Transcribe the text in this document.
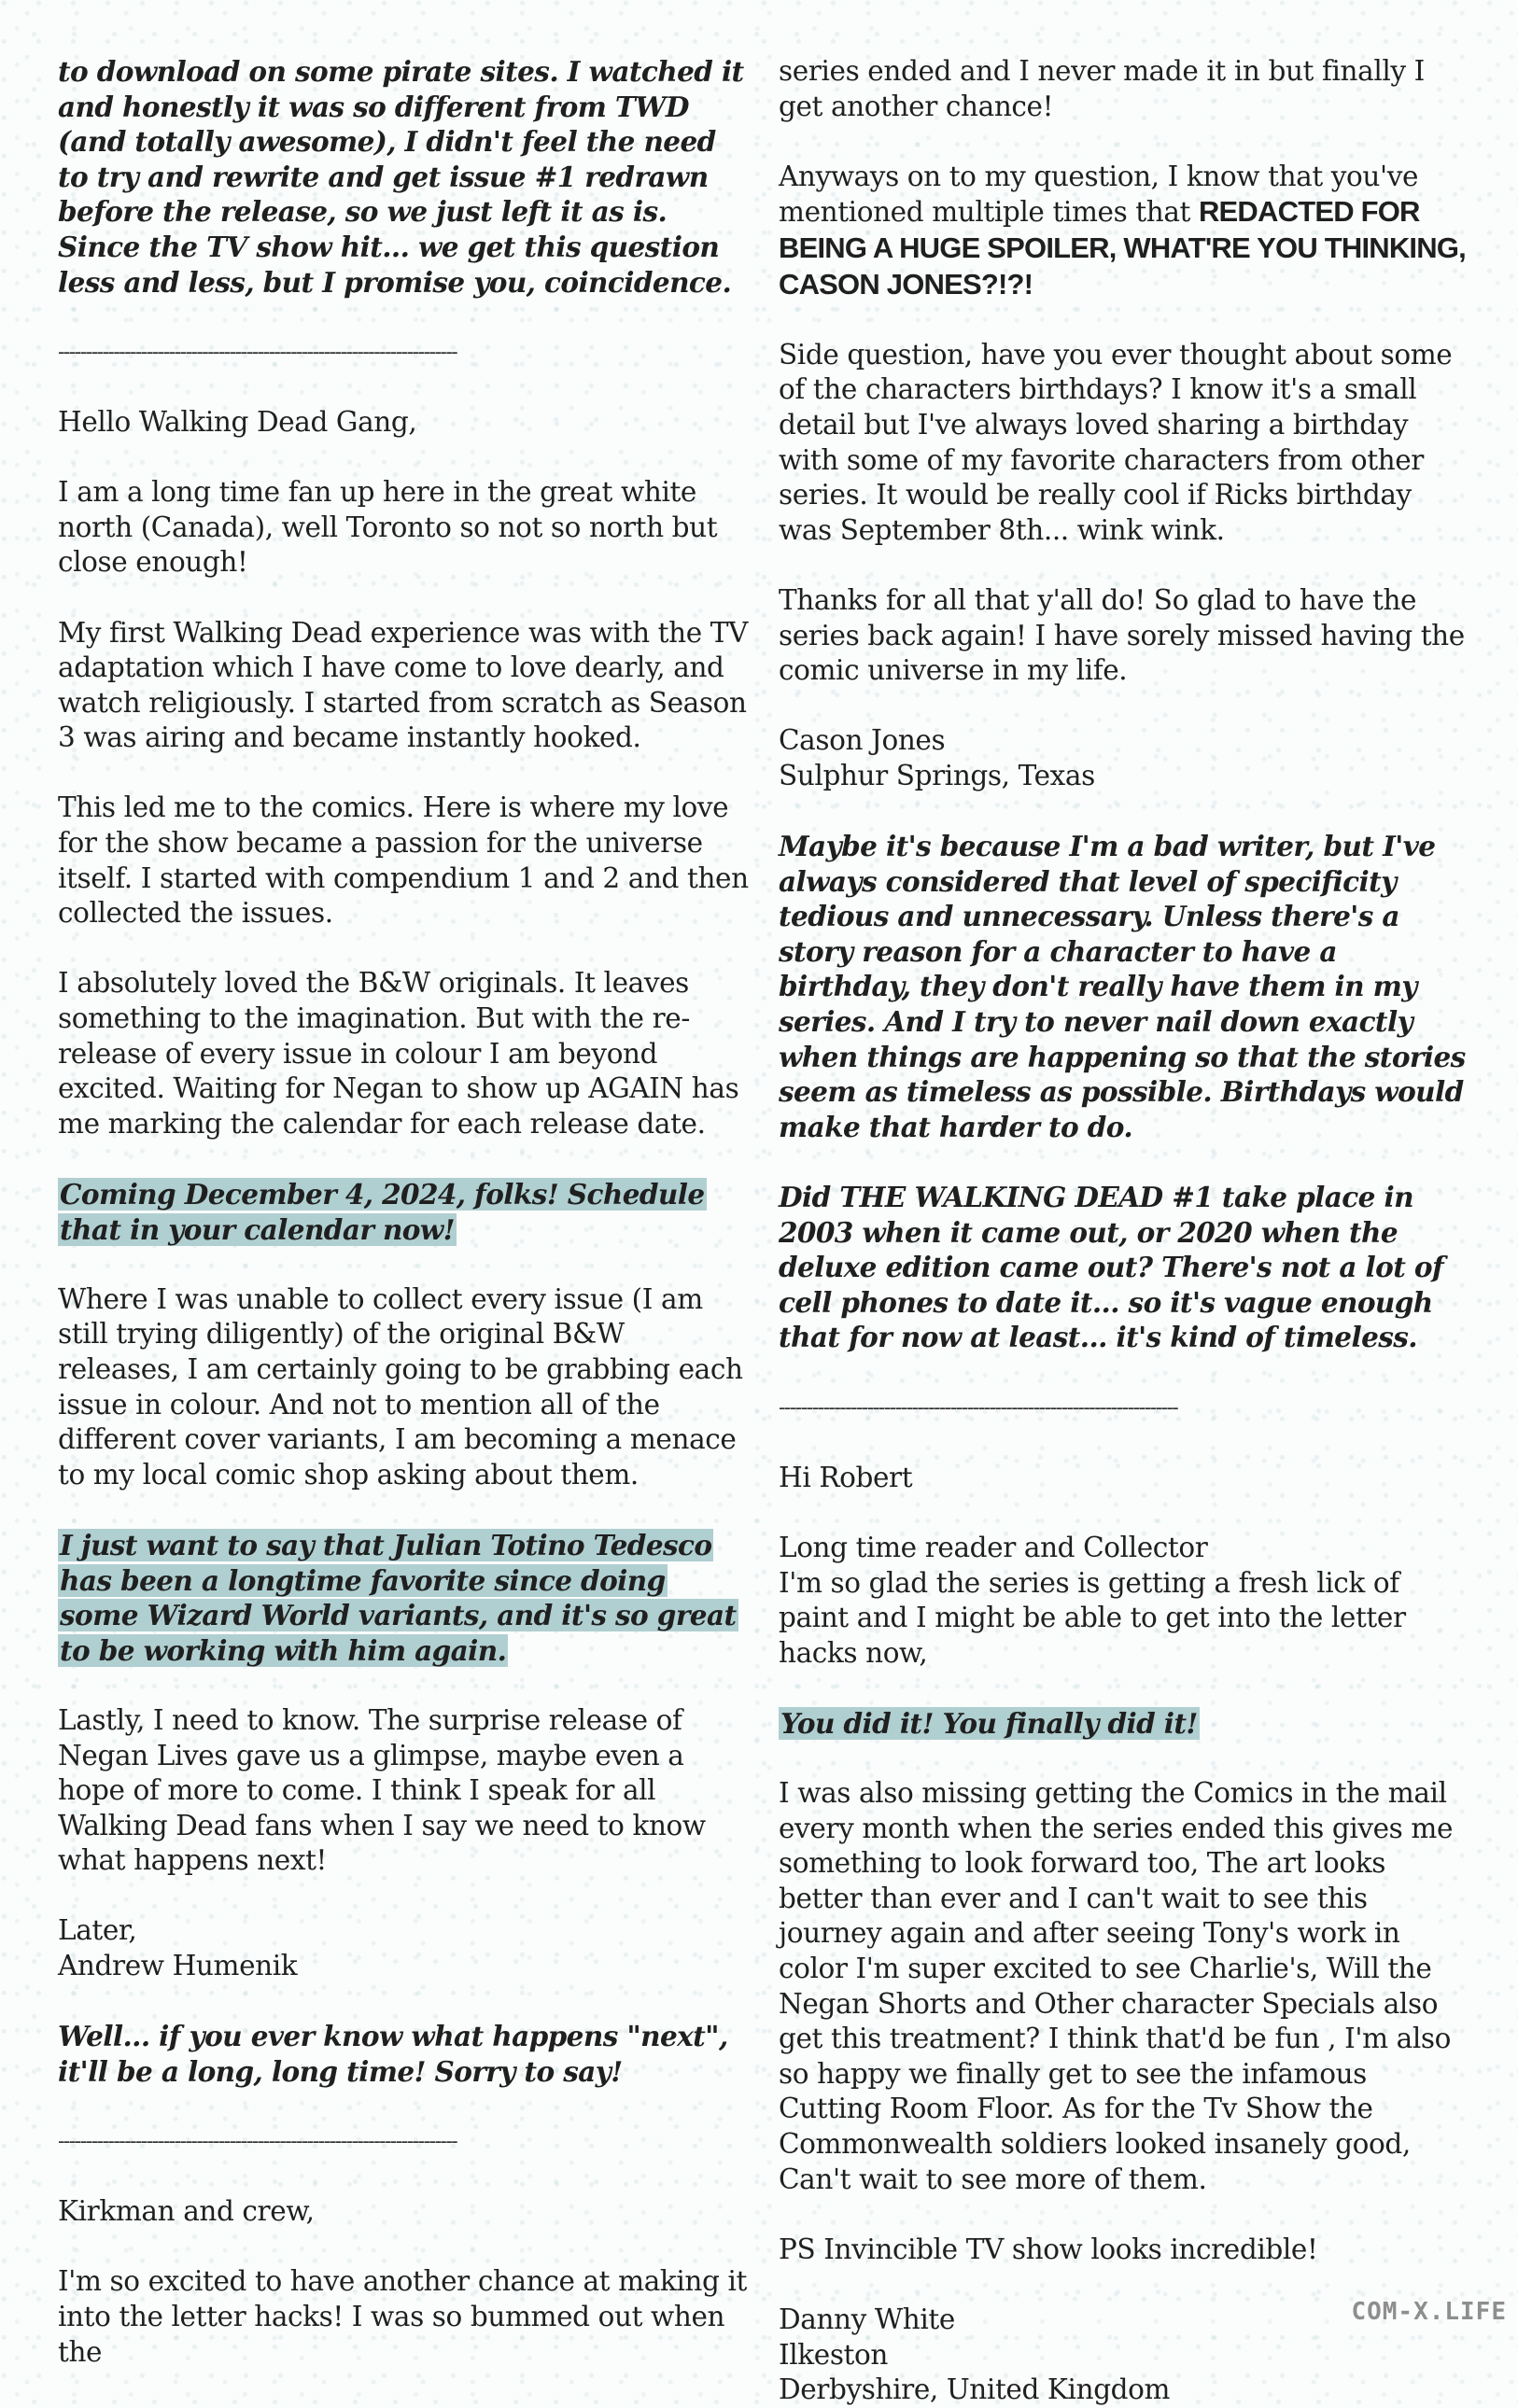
to download on some pirate sites. I watched it and honestly it was so different from TWD (and totally awesome), I didn't feel the need to try and rewrite and get issue #1 redrawn before the release, so we just left it as is. Since the TV show hit... we get this question less and less, but I promise you, coincidence.

------------------------------------------------------------------------

Hello Walking Dead Gang,

I am a long time fan up here in the great white north (Canada), well Toronto so not so north but close enough!

My first Walking Dead experience was with the TV adaptation which I have come to love dearly, and watch religiously. I started from scratch as Season 3 was airing and became instantly hooked.

This led me to the comics. Here is where my love for the show became a passion for the universe itself. I started with compendium 1 and 2 and then collected the issues.

I absolutely loved the B&W originals. It leaves something to the imagination. But with the re-release of every issue in colour I am beyond excited. Waiting for Negan to show up AGAIN has me marking the calendar for each release date.

Coming December 4, 2024, folks! Schedule that in your calendar now!

Where I was unable to collect every issue (I am still trying diligently) of the original B&W releases, I am certainly going to be grabbing each issue in colour. And not to mention all of the different cover variants, I am becoming a menace to my local comic shop asking about them.

I just want to say that Julian Totino Tedesco has been a longtime favorite since doing some Wizard World variants, and it's so great to be working with him again.

Lastly, I need to know. The surprise release of Negan Lives gave us a glimpse, maybe even a hope of more to come. I think I speak for all Walking Dead fans when I say we need to know what happens next!

Later,
Andrew Humenik

Well... if you ever know what happens "next", it'll be a long, long time! Sorry to say!

------------------------------------------------------------------------

Kirkman and crew,

I'm so excited to have another chance at making it into the letter hacks! I was so bummed out when the

series ended and I never made it in but finally I get another chance!

Anyways on to my question, I know that you've mentioned multiple times that REDACTED FOR BEING A HUGE SPOILER, WHAT'RE YOU THINKING, CASON JONES?!?!

Side question, have you ever thought about some of the characters birthdays? I know it's a small detail but I've always loved sharing a birthday with some of my favorite characters from other series. It would be really cool if Ricks birthday was September 8th... wink wink.

Thanks for all that y'all do! So glad to have the series back again! I have sorely missed having the comic universe in my life.

Cason Jones
Sulphur Springs, Texas

Maybe it's because I'm a bad writer, but I've always considered that level of specificity tedious and unnecessary. Unless there's a story reason for a character to have a birthday, they don't really have them in my series. And I try to never nail down exactly when things are happening so that the stories seem as timeless as possible. Birthdays would make that harder to do.

Did THE WALKING DEAD #1 take place in 2003 when it came out, or 2020 when the deluxe edition came out? There's not a lot of cell phones to date it... so it's vague enough that for now at least... it's kind of timeless.

------------------------------------------------------------------------

Hi Robert

Long time reader and Collector
I'm so glad the series is getting a fresh lick of paint and I might be able to get into the letter hacks now,

You did it! You finally did it!

I was also missing getting the Comics in the mail every month when the series ended this gives me something to look forward too, The art looks better than ever and I can't wait to see this journey again and after seeing Tony's work in color I'm super excited to see Charlie's, Will the Negan Shorts and Other character Specials also get this treatment? I think that'd be fun , I'm also so happy we finally get to see the infamous Cutting Room Floor. As for the Tv Show the Commonwealth soldiers looked insanely good, Can't wait to see more of them.

PS Invincible TV show looks incredible!

Danny White
Ilkeston
Derbyshire, United Kingdom

COM-X.LIFE
